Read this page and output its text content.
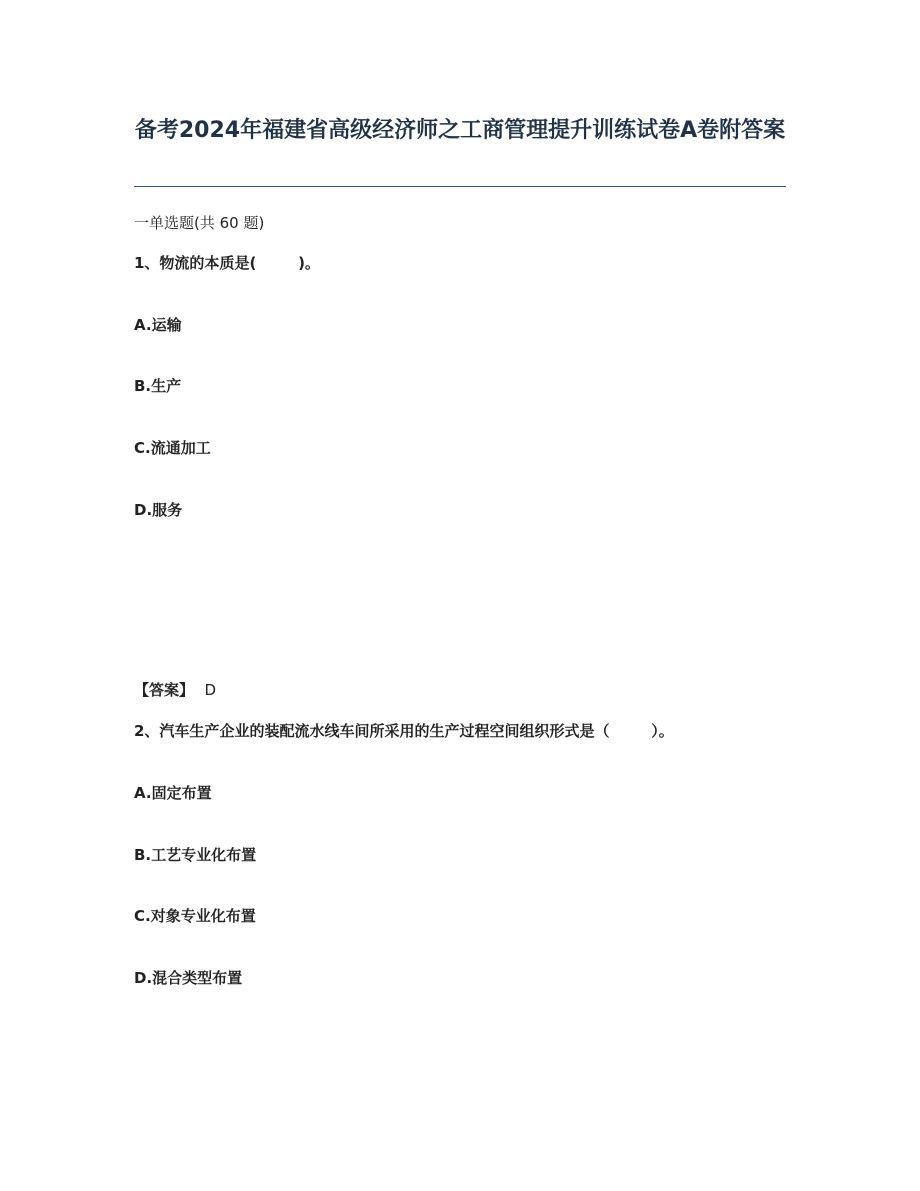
备考2024年福建省高级经济师之工商管理提升训练试卷A卷附答案

一单选题(共 60 题)

1、物流的本质是(        )。

A.运输

B.生产

C.流通加工

D.服务

【答案】 D

2、汽车生产企业的装配流水线车间所采用的生产过程空间组织形式是（        ）。

A.固定布置

B.工艺专业化布置

C.对象专业化布置

D.混合类型布置
